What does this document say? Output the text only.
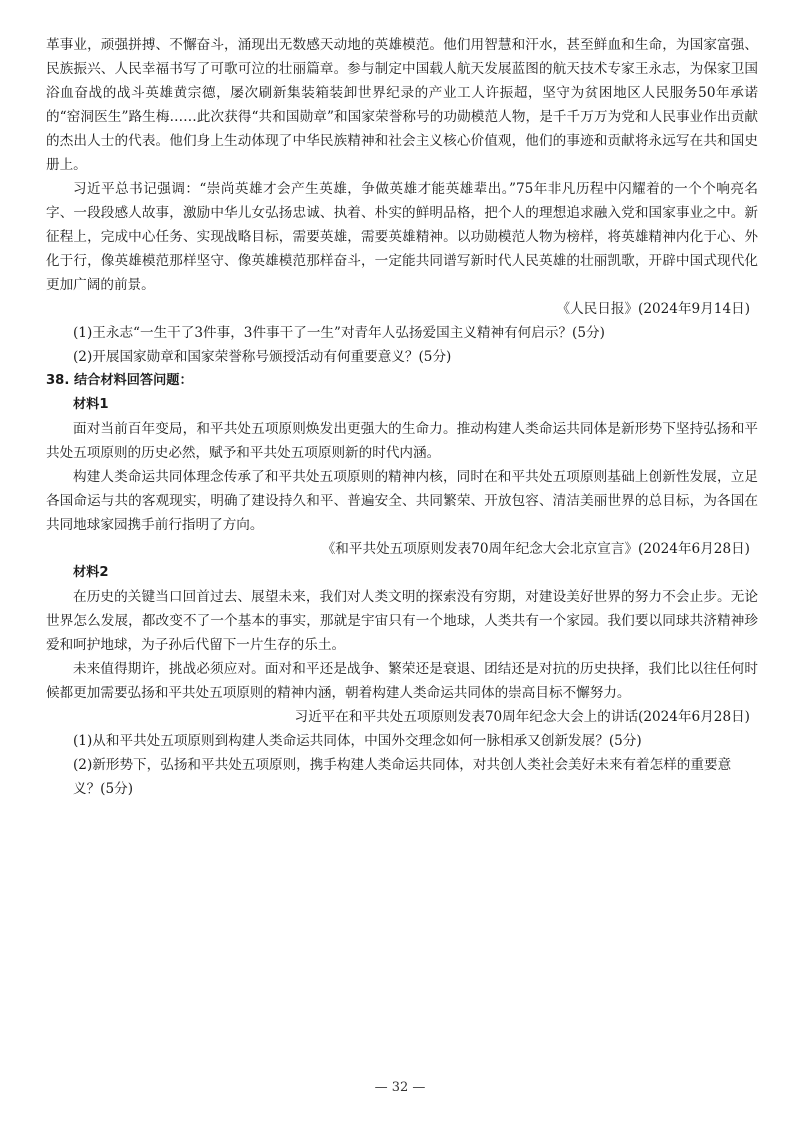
革事业，顽强拼搏、不懈奋斗，涌现出无数感天动地的英雄模范。他们用智慧和汗水，甚至鲜血和生命，为国家富强、民族振兴、人民幸福书写了可歌可泣的壮丽篇章。参与制定中国载人航天发展蓝图的航天技术专家王永志，为保家卫国浴血奋战的战斗英雄黄宗德，屡次刷新集装箱装卸世界纪录的产业工人许振超，坚守为贫困地区人民服务50年承诺的“窑洞医生”路生梅……此次获得“共和国勋章”和国家荣誉称号的功勋模范人物，是千千万万为党和人民事业作出贡献的杰出人士的代表。他们身上生动体现了中华民族精神和社会主义核心价值观，他们的事迹和贡献将永远写在共和国史册上。

习近平总书记强调：“崇尚英雄才会产生英雄，争做英雄才能英雄辈出。”75年非凡历程中闪耀着的一个个响亮名字、一段段感人故事，激励中华儿女弘扬忠诚、执着、朴实的鲜明品格，把个人的理想追求融入党和国家事业之中。新征程上，完成中心任务、实现战略目标，需要英雄，需要英雄精神。以功勋模范人物为榜样，将英雄精神内化于心、外化于行，像英雄模范那样坚守、像英雄模范那样奋斗，一定能共同谱写新时代人民英雄的壮丽凯歌，开辟中国式现代化更加广阔的前景。

《人民日报》(2024年9月14日)

(1)王永志“一生干了3件事，3件事干了一生”对青年人弘扬爱国主义精神有何启示？(5分)

(2)开展国家勋章和国家荣誉称号颁授活动有何重要意义？(5分)

38. 结合材料回答问题：

材料1

面对当前百年变局，和平共处五项原则焕发出更强大的生命力。推动构建人类命运共同体是新形势下坚持弘扬和平共处五项原则的历史必然，赋予和平共处五项原则新的时代内涵。

构建人类命运共同体理念传承了和平共处五项原则的精神内核，同时在和平共处五项原则基础上创新性发展，立足各国命运与共的客观现实，明确了建设持久和平、普遍安全、共同繁荣、开放包容、清洁美丽世界的总目标，为各国在共同地球家园携手前行指明了方向。

《和平共处五项原则发表70周年纪念大会北京宣言》(2024年6月28日)

材料2

在历史的关键当口回首过去、展望未来，我们对人类文明的探索没有穷期，对建设美好世界的努力不会止步。无论世界怎么发展，都改变不了一个基本的事实，那就是宇宙只有一个地球，人类共有一个家园。我们要以同球共济精神珍爱和呵护地球，为子孙后代留下一片生存的乐土。

未来值得期许，挑战必须应对。面对和平还是战争、繁荣还是衰退、团结还是对抗的历史抉择，我们比以往任何时候都更加需要弘扬和平共处五项原则的精神内涵，朝着构建人类命运共同体的崇高目标不懈努力。

习近平在和平共处五项原则发表70周年纪念大会上的讲话(2024年6月28日)

(1)从和平共处五项原则到构建人类命运共同体，中国外交理念如何一脉相承又创新发展？(5分)

(2)新形势下，弘扬和平共处五项原则，携手构建人类命运共同体，对共创人类社会美好未来有着怎样的重要意义？(5分)

— 32 —
